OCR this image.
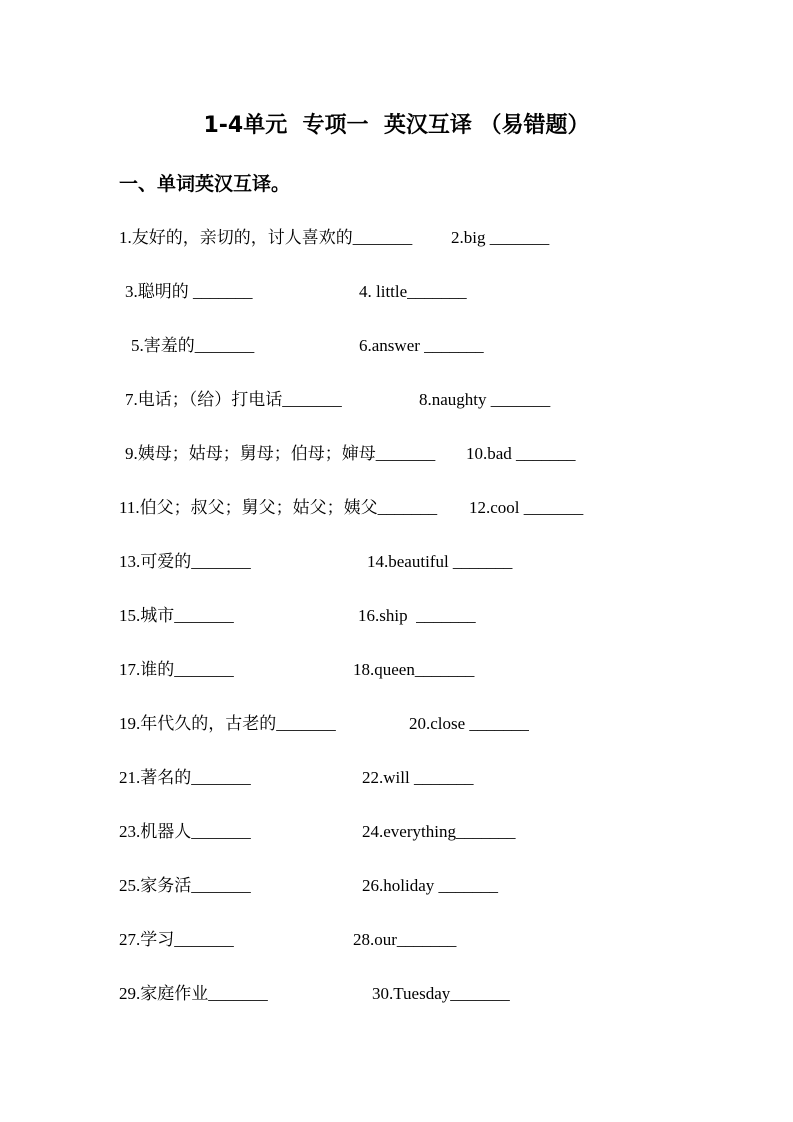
1-4单元  专项一  英汉互译 （易错题）
一、单词英汉互译。
1.友好的，亲切的，讨人喜欢的_______ 2.big _______
3.聪明的 _______	4. little_______
5.害羞的_______	6.answer _______
7.电话；（给）打电话_______	8.naughty _______
9.姨母；姑母；舅母；伯母；婶母_______ 10.bad _______
11.伯父；叔父；舅父；姑父；姨父_______ 12.cool _______
13.可爱的_______	14.beautiful _______
15.城市_______	16.ship  _______
17.谁的_______	18.queen_______
19.年代久的，古老的_______	20.close _______
21.著名的_______	22.will _______
23.机器人_______	24.everything_______
25.家务活_______	26.holiday _______
27.学习_______	28.our_______
29.家庭作业_______	30.Tuesday_______
